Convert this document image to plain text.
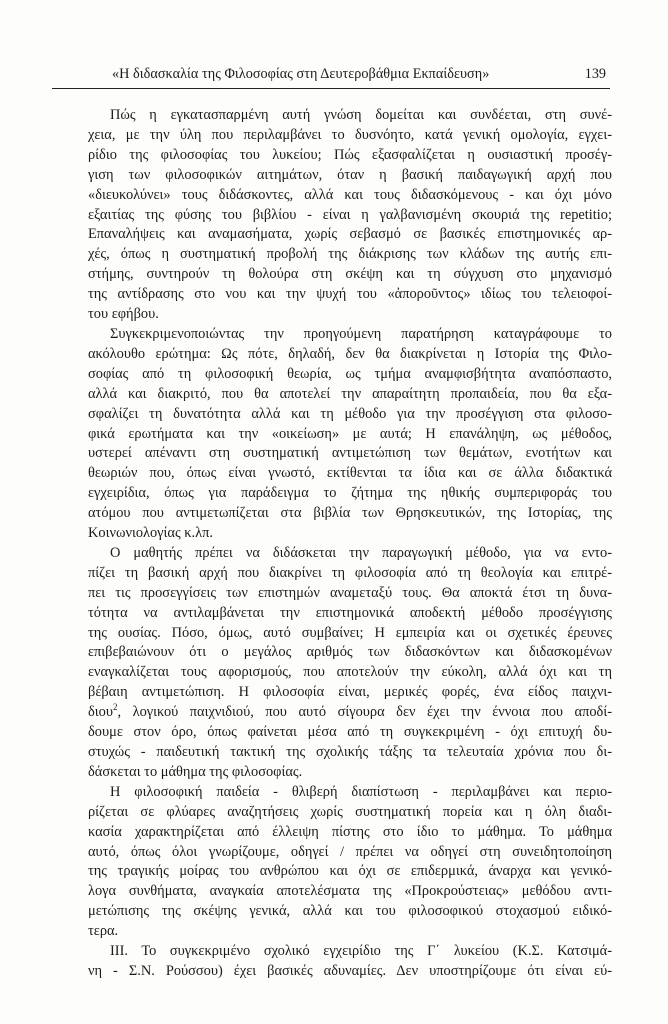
«Η διδασκαλία της Φιλοσοφίας στη Δευτεροβάθμια Εκπαίδευση»	139

Πώς η εγκατασπαρμένη αυτή γνώση δομείται και συνδέεται, στη συνέ-
χεια, με την ύλη που περιλαμβάνει το δυσνόητο, κατά γενική ομολογία, εγχει-
ρίδιο της φιλοσοφίας του λυκείου; Πώς εξασφαλίζεται η ουσιαστική προσέγ-
γιση των φιλοσοφικών αιτημάτων, όταν η βασική παιδαγωγική αρχή που
«διευκολύνει» τους διδάσκοντες, αλλά και τους διδασκόμενους - και όχι μόνο
εξαιτίας της φύσης του βιβλίου - είναι η γαλβανισμένη σκουριά της repetitio;
Επαναλήψεις και αναμασήματα, χωρίς σεβασμό σε βασικές επιστημονικές αρ-
χές, όπως η συστηματική προβολή της διάκρισης των κλάδων της αυτής επι-
στήμης, συντηρούν τη θολούρα στη σκέψη και τη σύγχυση στο μηχανισμό
της αντίδρασης στο νου και την ψυχή του «ἀπορoῦντος» ιδίως του τελειοφοί-
του εφήβου.

Συγκεκριμενοποιώντας την προηγούμενη παρατήρηση καταγράφουμε το
ακόλουθο ερώτημα: Ως πότε, δηλαδή, δεν θα διακρίνεται η Ιστορία της Φιλο-
σοφίας από τη φιλοσοφική θεωρία, ως τμήμα αναμφισβήτητα αναπόσπαστο,
αλλά και διακριτό, που θα αποτελεί την απαραίτητη προπαιδεία, που θα εξα-
σφαλίζει τη δυνατότητα αλλά και τη μέθοδο για την προσέγγιση στα φιλοσο-
φικά ερωτήματα και την «οικείωση» με αυτά; Η επανάληψη, ως μέθοδος,
υστερεί απέναντι στη συστηματική αντιμετώπιση των θεμάτων, ενοτήτων και
θεωριών που, όπως είναι γνωστό, εκτίθενται τα ίδια και σε άλλα διδακτικά
εγχειρίδια, όπως για παράδειγμα το ζήτημα της ηθικής συμπεριφοράς του
ατόμου που αντιμετωπίζεται στα βιβλία των Θρησκευτικών, της Ιστορίας, της
Κοινωνιολογίας κ.λπ.

Ο μαθητής πρέπει να διδάσκεται την παραγωγική μέθοδο, για να εντο-
πίζει τη βασική αρχή που διακρίνει τη φιλοσοφία από τη θεολογία και επιτρέ-
πει τις προσεγγίσεις των επιστημών αναμεταξύ τους. Θα αποκτά έτσι τη δυνα-
τότητα να αντιλαμβάνεται την επιστημονικά αποδεκτή μέθοδο προσέγγισης
της ουσίας. Πόσο, όμως, αυτό συμβαίνει; Η εμπειρία και οι σχετικές έρευνες
επιβεβαιώνουν ότι ο μεγάλος αριθμός των διδασκόντων και διδασκομένων
εναγκαλίζεται τους αφορισμούς, που αποτελούν την εύκολη, αλλά όχι και τη
βέβαιη αντιμετώπιση. Η φιλοσοφία είναι, μερικές φορές, ένα είδος παιχνι-
διου$^2$, λογικού παιχνιδιού, που αυτό σίγουρα δεν έχει την έννοια που αποδί-
δουμε στον όρο, όπως φαίνεται μέσα από τη συγκεκριμένη - όχι επιτυχή δυ-
στυχώς - παιδευτική τακτική της σχολικής τάξης τα τελευταία χρόνια που δι-
δάσκεται το μάθημα της φιλοσοφίας.

Η φιλοσοφική παιδεία - θλιβερή διαπίστωση - περιλαμβάνει και περιο-
ρίζεται σε φλύαρες αναζητήσεις χωρίς συστηματική πορεία και η όλη διαδι-
κασία χαρακτηρίζεται από έλλειψη πίστης στο ίδιο το μάθημα. Το μάθημα
αυτό, όπως όλοι γνωρίζουμε, οδηγεί / πρέπει να οδηγεί στη συνειδητοποίηση
της τραγικής μοίρας του ανθρώπου και όχι σε επιδερμικά, άναρχα και γενικό-
λογα συνθήματα, αναγκαία αποτελέσματα της «Προκρούστειας» μεθόδου αντι-
μετώπισης της σκέψης γενικά, αλλά και του φιλοσοφικού στοχασμού ειδικό-
τερα.

ΙΙΙ. Το συγκεκριμένο σχολικό εγχειρίδιο της Γ΄ λυκείου (Κ.Σ. Κατσιμά-
νη - Σ.Ν. Ρούσσου) έχει βασικές αδυναμίες. Δεν υποστηρίζουμε ότι είναι εύ-
